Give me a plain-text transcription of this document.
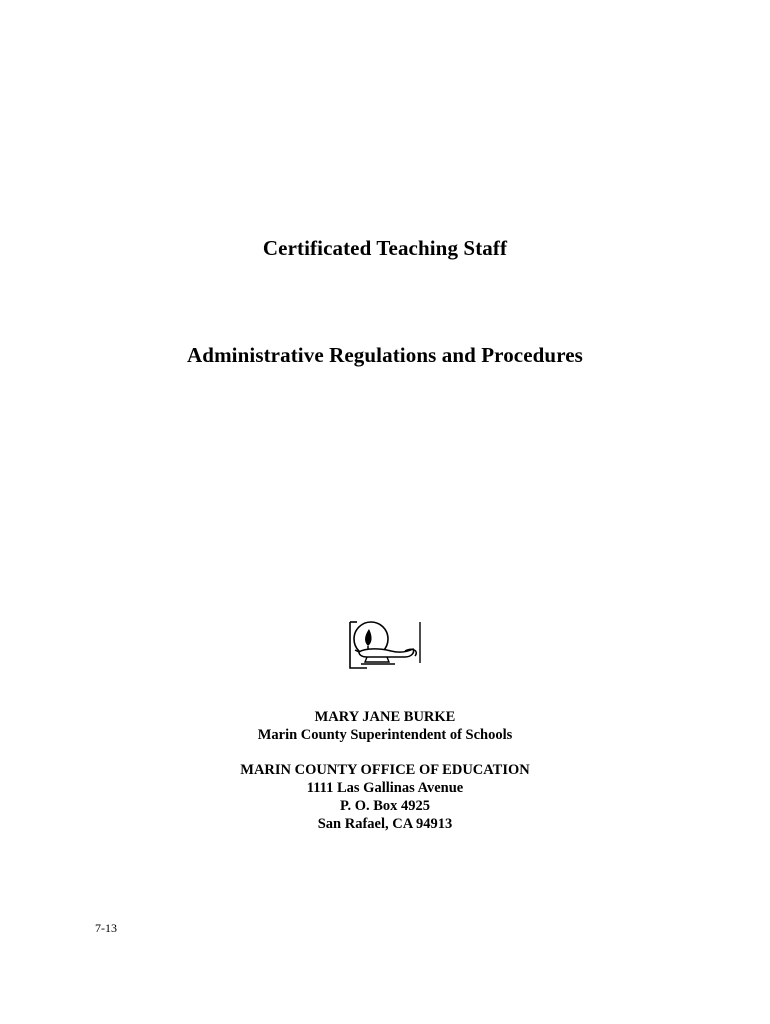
Certificated Teaching Staff
Administrative Regulations and Procedures
MARY JANE BURKE
Marin County Superintendent of Schools
MARIN COUNTY OFFICE OF EDUCATION
1111 Las Gallinas Avenue
P. O. Box 4925
San Rafael, CA 94913
7-13
